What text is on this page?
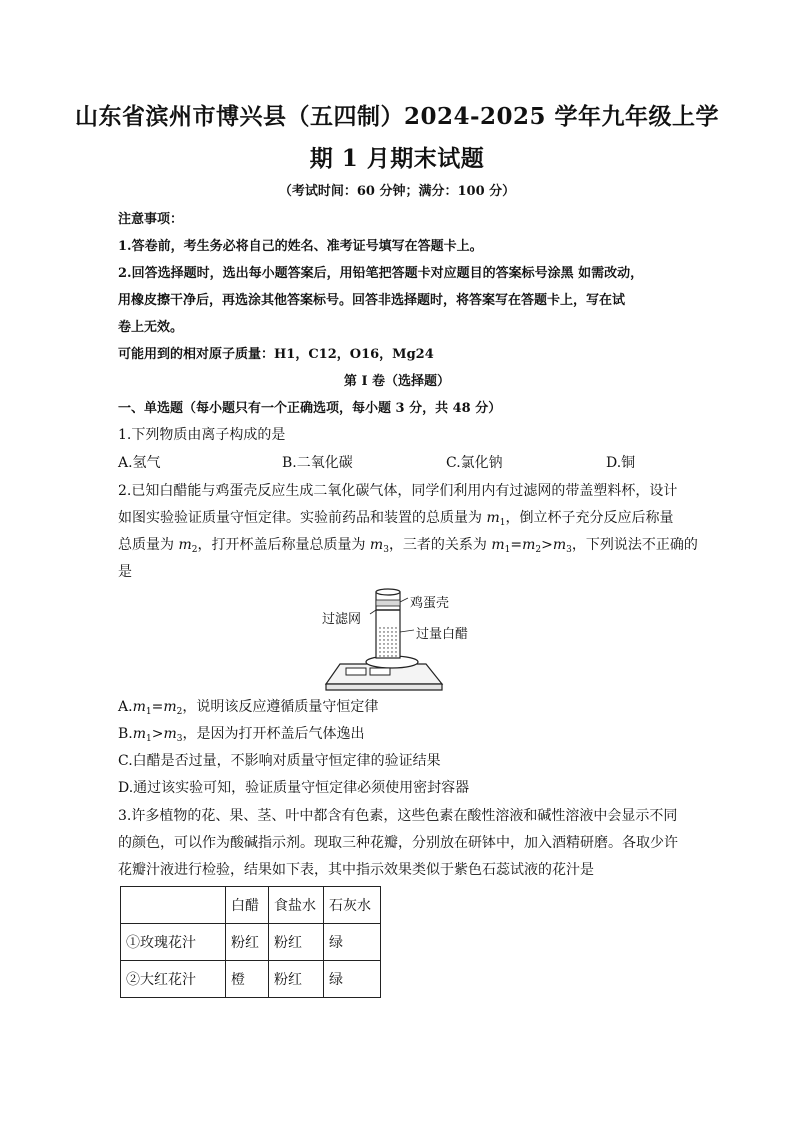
山东省滨州市博兴县（五四制）2024-2025 学年九年级上学
期 1 月期末试题
（考试时间：60 分钟；满分：100 分）
注意事项：
1.答卷前，考生务必将自己的姓名、准考证号填写在答题卡上。
2.回答选择题时，选出每小题答案后，用铅笔把答题卡对应题目的答案标号涂黑 如需改动，
用橡皮擦干净后，再选涂其他答案标号。回答非选择题时，将答案写在答题卡上，写在试
卷上无效。
可能用到的相对原子质量：H1，C12，O16，Mg24
第 I 卷（选择题）
一、单选题（每小题只有一个正确选项，每小题 3 分，共 48 分）
1.下列物质由离子构成的是
A.氢气	B.二氧化碳	C.氯化钠	D.铜
2.已知白醋能与鸡蛋壳反应生成二氧化碳气体，同学们利用内有过滤网的带盖塑料杯，设计
如图实验验证质量守恒定律。实验前药品和装置的总质量为 $m_1$，倒立杯子充分反应后称量
总质量为 $m_2$，打开杯盖后称量总质量为 $m_3$，三者的关系为 $m_1=m_2>m_3$，下列说法不正确的
是
鸡蛋壳
过滤网
过量白醋
$A.m_1=m_2$，说明该反应遵循质量守恒定律
$B.m_1>m_3$，是因为打开杯盖后气体逸出
C.白醋是否过量，不影响对质量守恒定律的验证结果
D.通过该实验可知，验证质量守恒定律必须使用密封容器
3.许多植物的花、果、茎、叶中都含有色素，这些色素在酸性溶液和碱性溶液中会显示不同
的颜色，可以作为酸碱指示剂。现取三种花瓣，分别放在研钵中，加入酒精研磨。各取少许
花瓣汁液进行检验，结果如下表，其中指示效果类似于紫色石蕊试液的花汁是
	白醋	食盐水	石灰水
①玫瑰花汁	粉红	粉红	绿
②大红花汁	橙	粉红	绿
